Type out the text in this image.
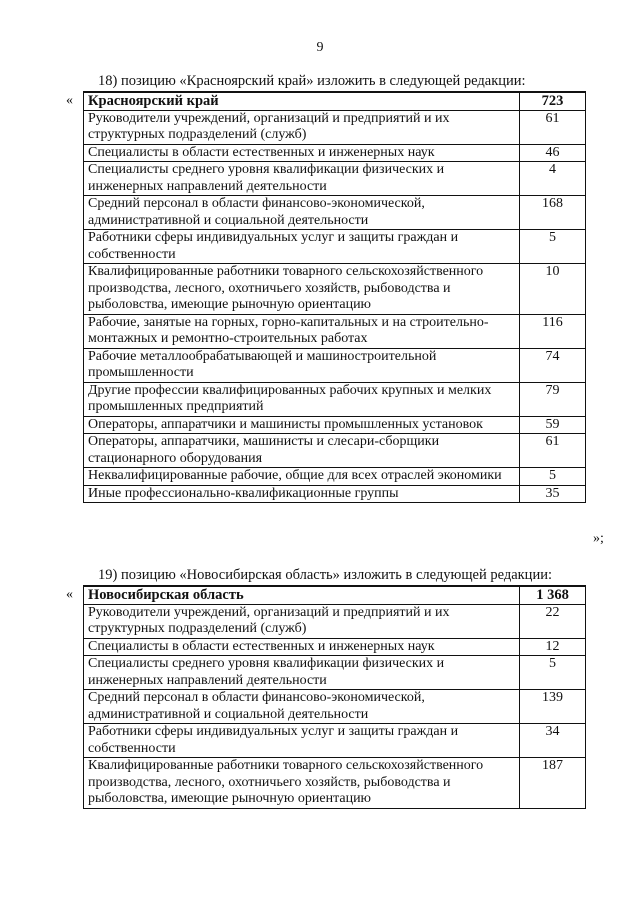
9
18) позицию «Красноярский край» изложить в следующей редакции:
« Красноярский край	723
Руководители учреждений, организаций и предприятий и их структурных подразделений (служб)	61
Специалисты в области естественных и инженерных наук	46
Специалисты среднего уровня квалификации физических и инженерных направлений деятельности	4
Средний персонал в области финансово-экономической, административной и социальной деятельности	168
Работники сферы индивидуальных услуг и защиты граждан и собственности	5
Квалифицированные работники товарного сельскохозяйственного производства, лесного, охотничьего хозяйств, рыбоводства и рыболовства, имеющие рыночную ориентацию	10
Рабочие, занятые на горных, горно-капитальных и на строительно-монтажных и ремонтно-строительных работах	116
Рабочие металлообрабатывающей и машиностроительной промышленности	74
Другие профессии квалифицированных рабочих крупных и мелких промышленных предприятий	79
Операторы, аппаратчики и машинисты промышленных установок	59
Операторы, аппаратчики, машинисты и слесари-сборщики стационарного оборудования	61
Неквалифицированные рабочие, общие для всех отраслей экономики	5
Иные профессионально-квалификационные группы	35
»;
19) позицию «Новосибирская область» изложить в следующей редакции:
« Новосибирская область	1 368
Руководители учреждений, организаций и предприятий и их структурных подразделений (служб)	22
Специалисты в области естественных и инженерных наук	12
Специалисты среднего уровня квалификации физических и инженерных направлений деятельности	5
Средний персонал в области финансово-экономической, административной и социальной деятельности	139
Работники сферы индивидуальных услуг и защиты граждан и собственности	34
Квалифицированные работники товарного сельскохозяйственного производства, лесного, охотничьего хозяйств, рыбоводства и рыболовства, имеющие рыночную ориентацию	187
